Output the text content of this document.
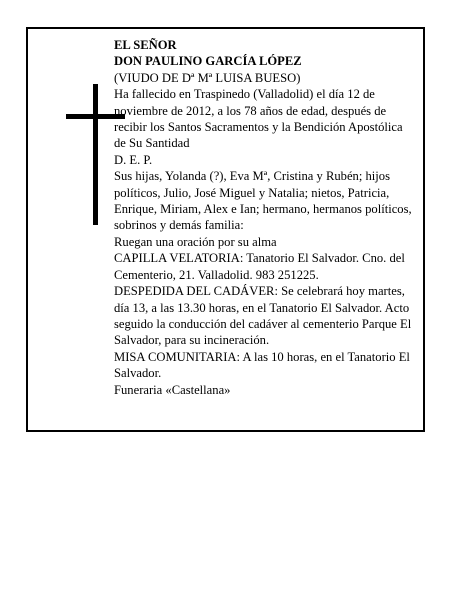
EL SEÑOR

DON PAULINO GARCÍA LÓPEZ

(VIUDO DE Dª Mª LUISA BUESO)

Ha fallecido en Traspinedo (Valladolid) el día 12 de noviembre de 2012, a los 78 años de edad, después de recibir los Santos Sacramentos y la Bendición Apostólica de Su Santidad

D. E. P.

Sus hijas, Yolanda (?), Eva Mª, Cristina y Rubén; hijos políticos, Julio, José Miguel y Natalia; nietos, Patricia, Enrique, Miriam, Alex e Ian; hermano, hermanos políticos, sobrinos y demás familia:

Ruegan una oración por su alma

CAPILLA VELATORIA: Tanatorio El Salvador. Cno. del Cementerio, 21. Valladolid. 983 251225.

DESPEDIDA DEL CADÁVER: Se celebrará hoy martes, día 13, a las 13.30 horas, en el Tanatorio El Salvador. Acto seguido la conducción del cadáver al cementerio Parque El Salvador, para su incineración.

MISA COMUNITARIA: A las 10 horas, en el Tanatorio El Salvador.

Funeraria «Castellana»
